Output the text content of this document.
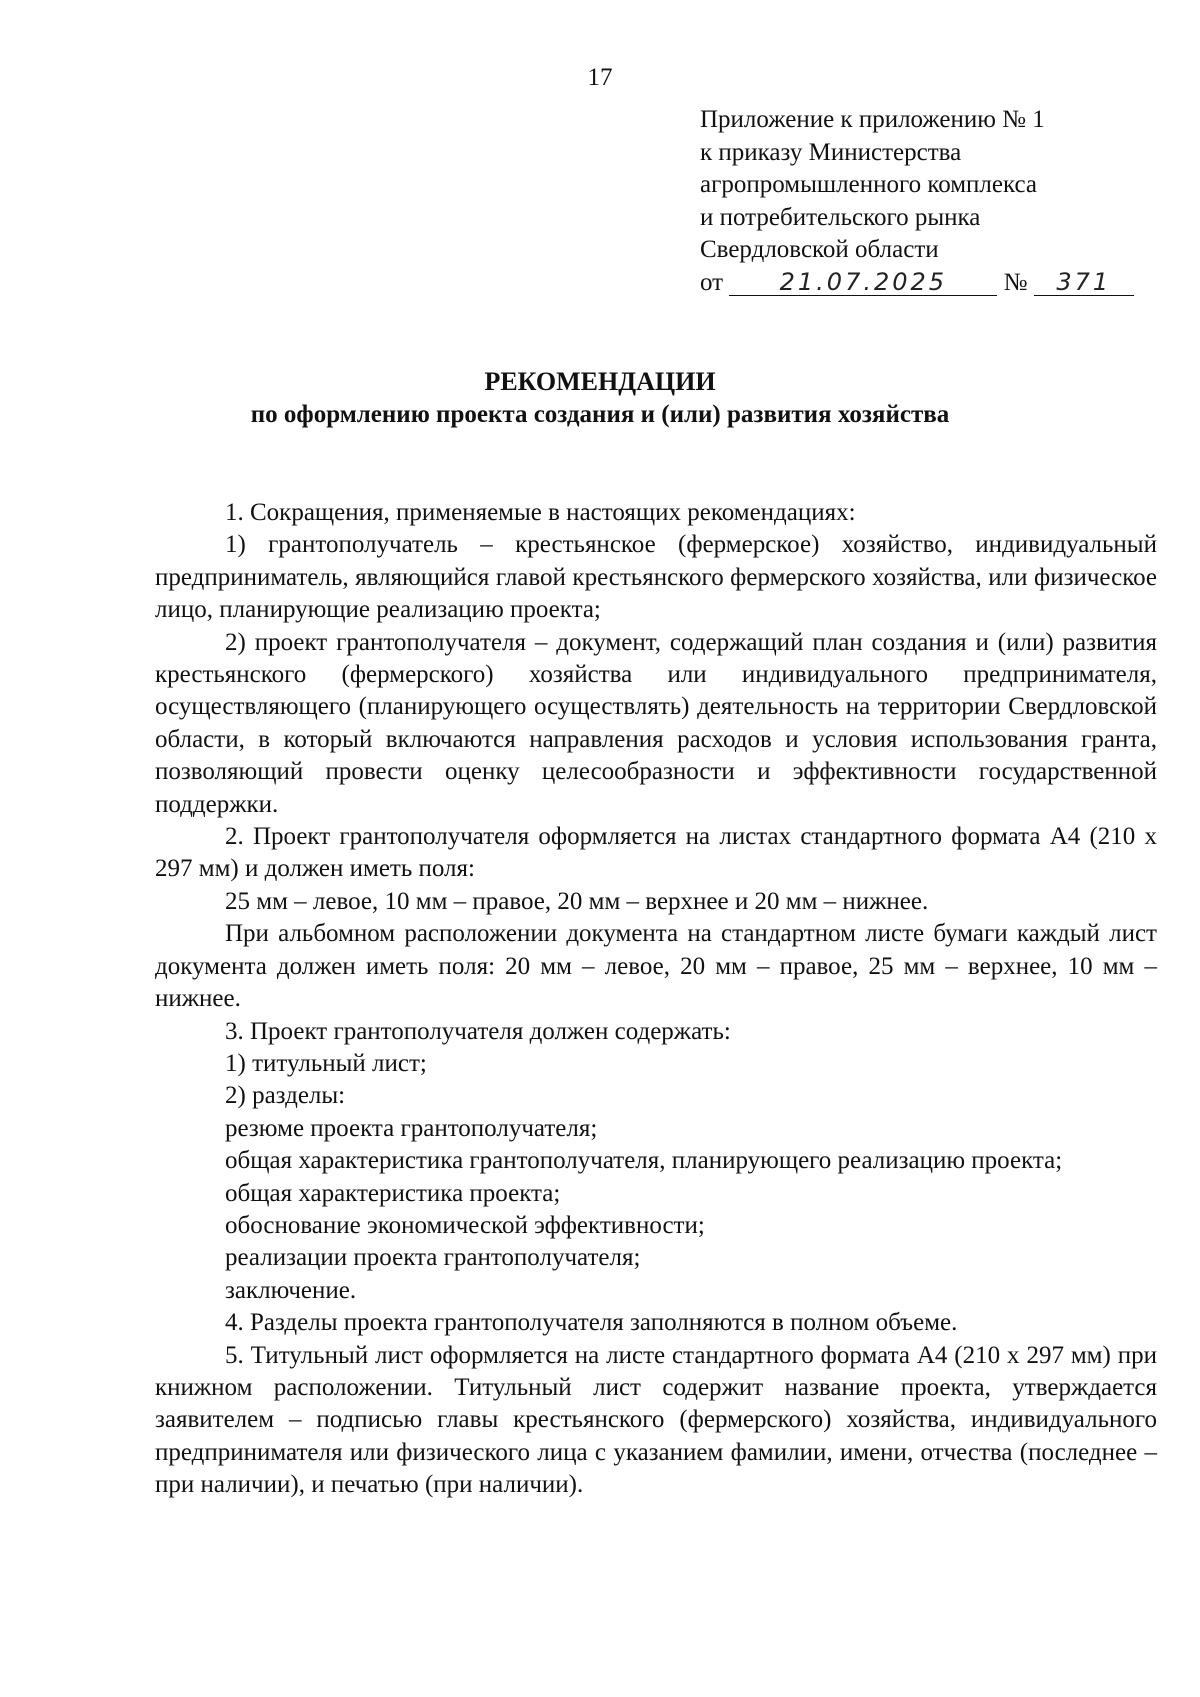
17
Приложение к приложению № 1
к приказу Министерства
агропромышленного комплекса
и потребительского рынка
Свердловской области
от 21.07.2025 № 371
РЕКОМЕНДАЦИИ
по оформлению проекта создания и (или) развития хозяйства

1. Сокращения, применяемые в настоящих рекомендациях:

1) грантополучатель – крестьянское (фермерское) хозяйство, индивидуальный предприниматель, являющийся главой крестьянского фермерского хозяйства, или физическое лицо, планирующие реализацию проекта;

2) проект грантополучателя – документ, содержащий план создания и (или) развития крестьянского (фермерского) хозяйства или индивидуального предпринимателя, осуществляющего (планирующего осуществлять) деятельность на территории Свердловской области, в который включаются направления расходов и условия использования гранта, позволяющий провести оценку целесообразности и эффективности государственной поддержки.

2. Проект грантополучателя оформляется на листах стандартного формата А4 (210 х 297 мм) и должен иметь поля:

25 мм – левое, 10 мм – правое, 20 мм – верхнее и 20 мм – нижнее.

При альбомном расположении документа на стандартном листе бумаги каждый лист документа должен иметь поля: 20 мм – левое, 20 мм – правое, 25 мм – верхнее, 10 мм – нижнее.

3. Проект грантополучателя должен содержать:

1) титульный лист;

2) разделы:

резюме проекта грантополучателя;

общая характеристика грантополучателя, планирующего реализацию проекта;

общая характеристика проекта;

обоснование экономической эффективности;

реализации проекта грантополучателя;

заключение.

4. Разделы проекта грантополучателя заполняются в полном объеме.

5. Титульный лист оформляется на листе стандартного формата А4 (210 х 297 мм) при книжном расположении. Титульный лист содержит название проекта, утверждается заявителем – подписью главы крестьянского (фермерского) хозяйства, индивидуального предпринимателя или физического лица с указанием фамилии, имени, отчества (последнее – при наличии), и печатью (при наличии).
